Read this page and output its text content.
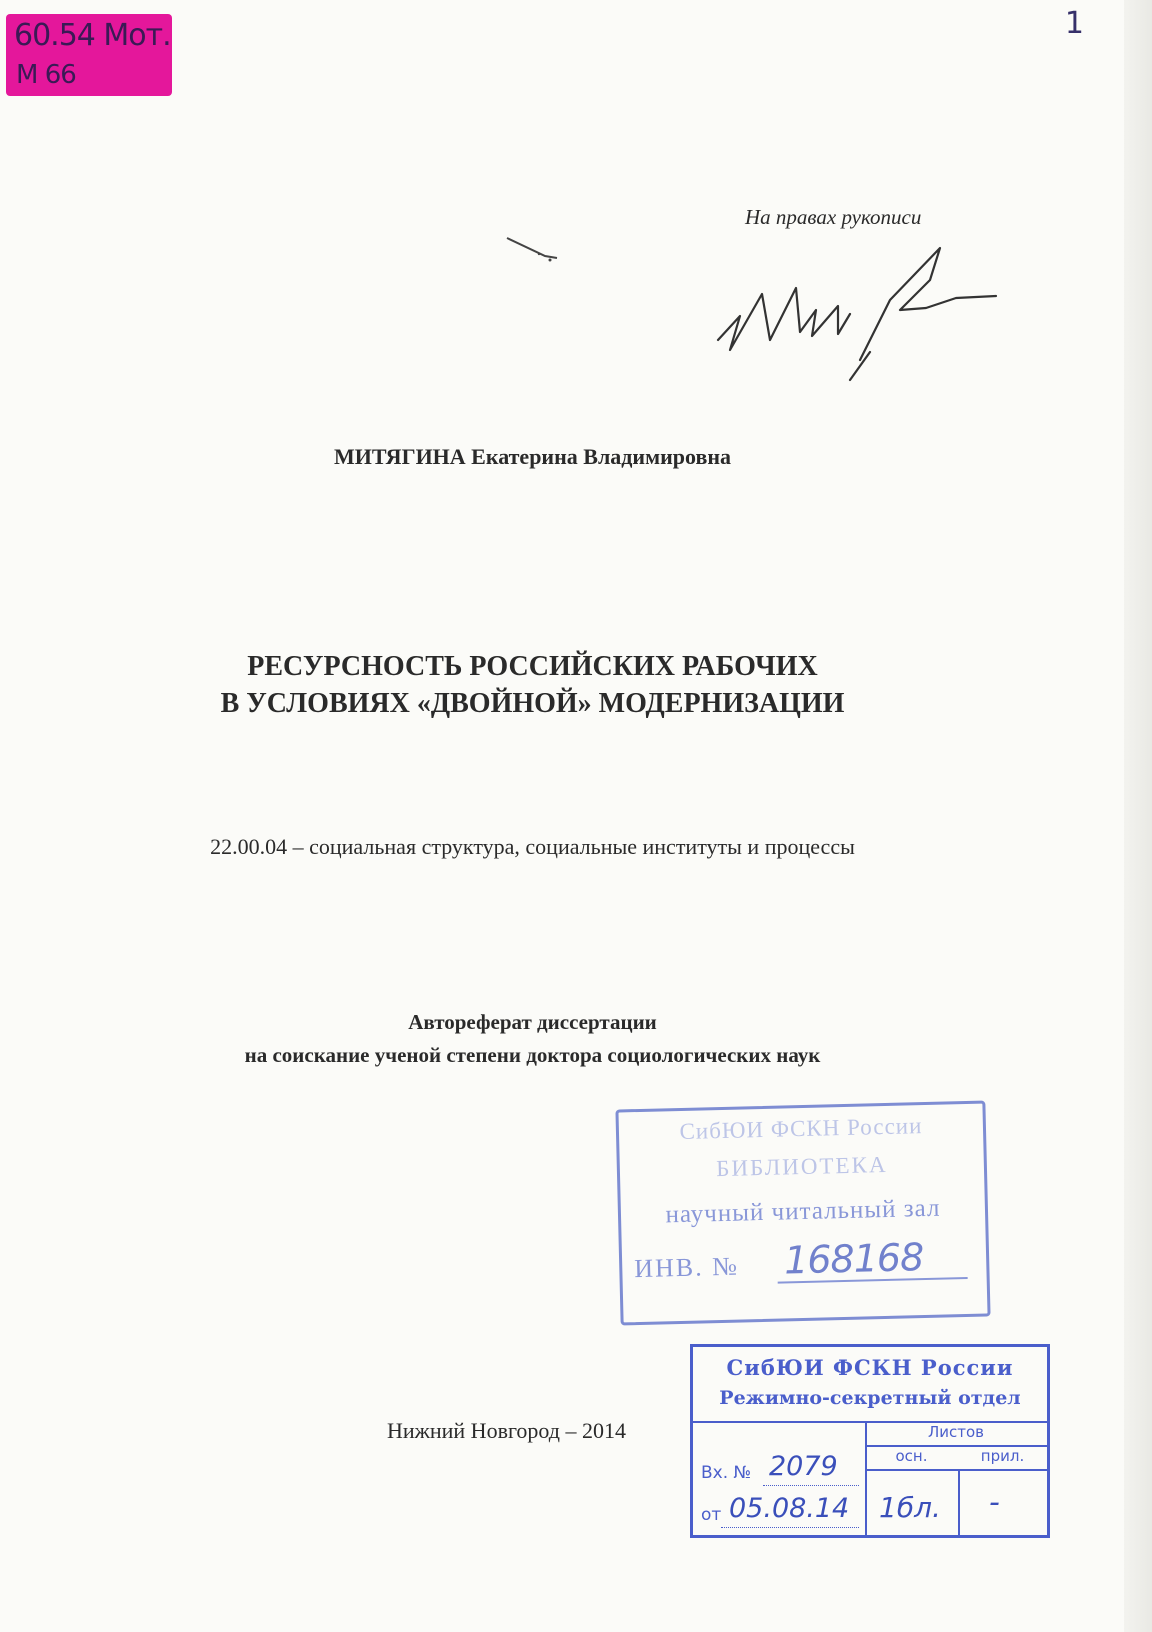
М 66
60.54 Мот.	1
На правах рукописи
МИТЯГИНА Екатерина Владимировна
РЕСУРСНОСТЬ РОССИЙСКИХ РАБОЧИХ
В УСЛОВИЯХ «ДВОЙНОЙ» МОДЕРНИЗАЦИИ
22.00.04 – социальная структура, социальные институты и процессы
Автореферат диссертации
на соискание ученой степени доктора социологических наук
Нижний Новгород – 2014
СибЮИ ФСКН России
БИБЛИОТЕКА
научный читальный зал
ИНВ. № 168168
СибЮИ ФСКН России
Режимно-секретный отдел
Листов
осн.	прил.
Вх. №
от
2079
05.08.14 1бл. -
